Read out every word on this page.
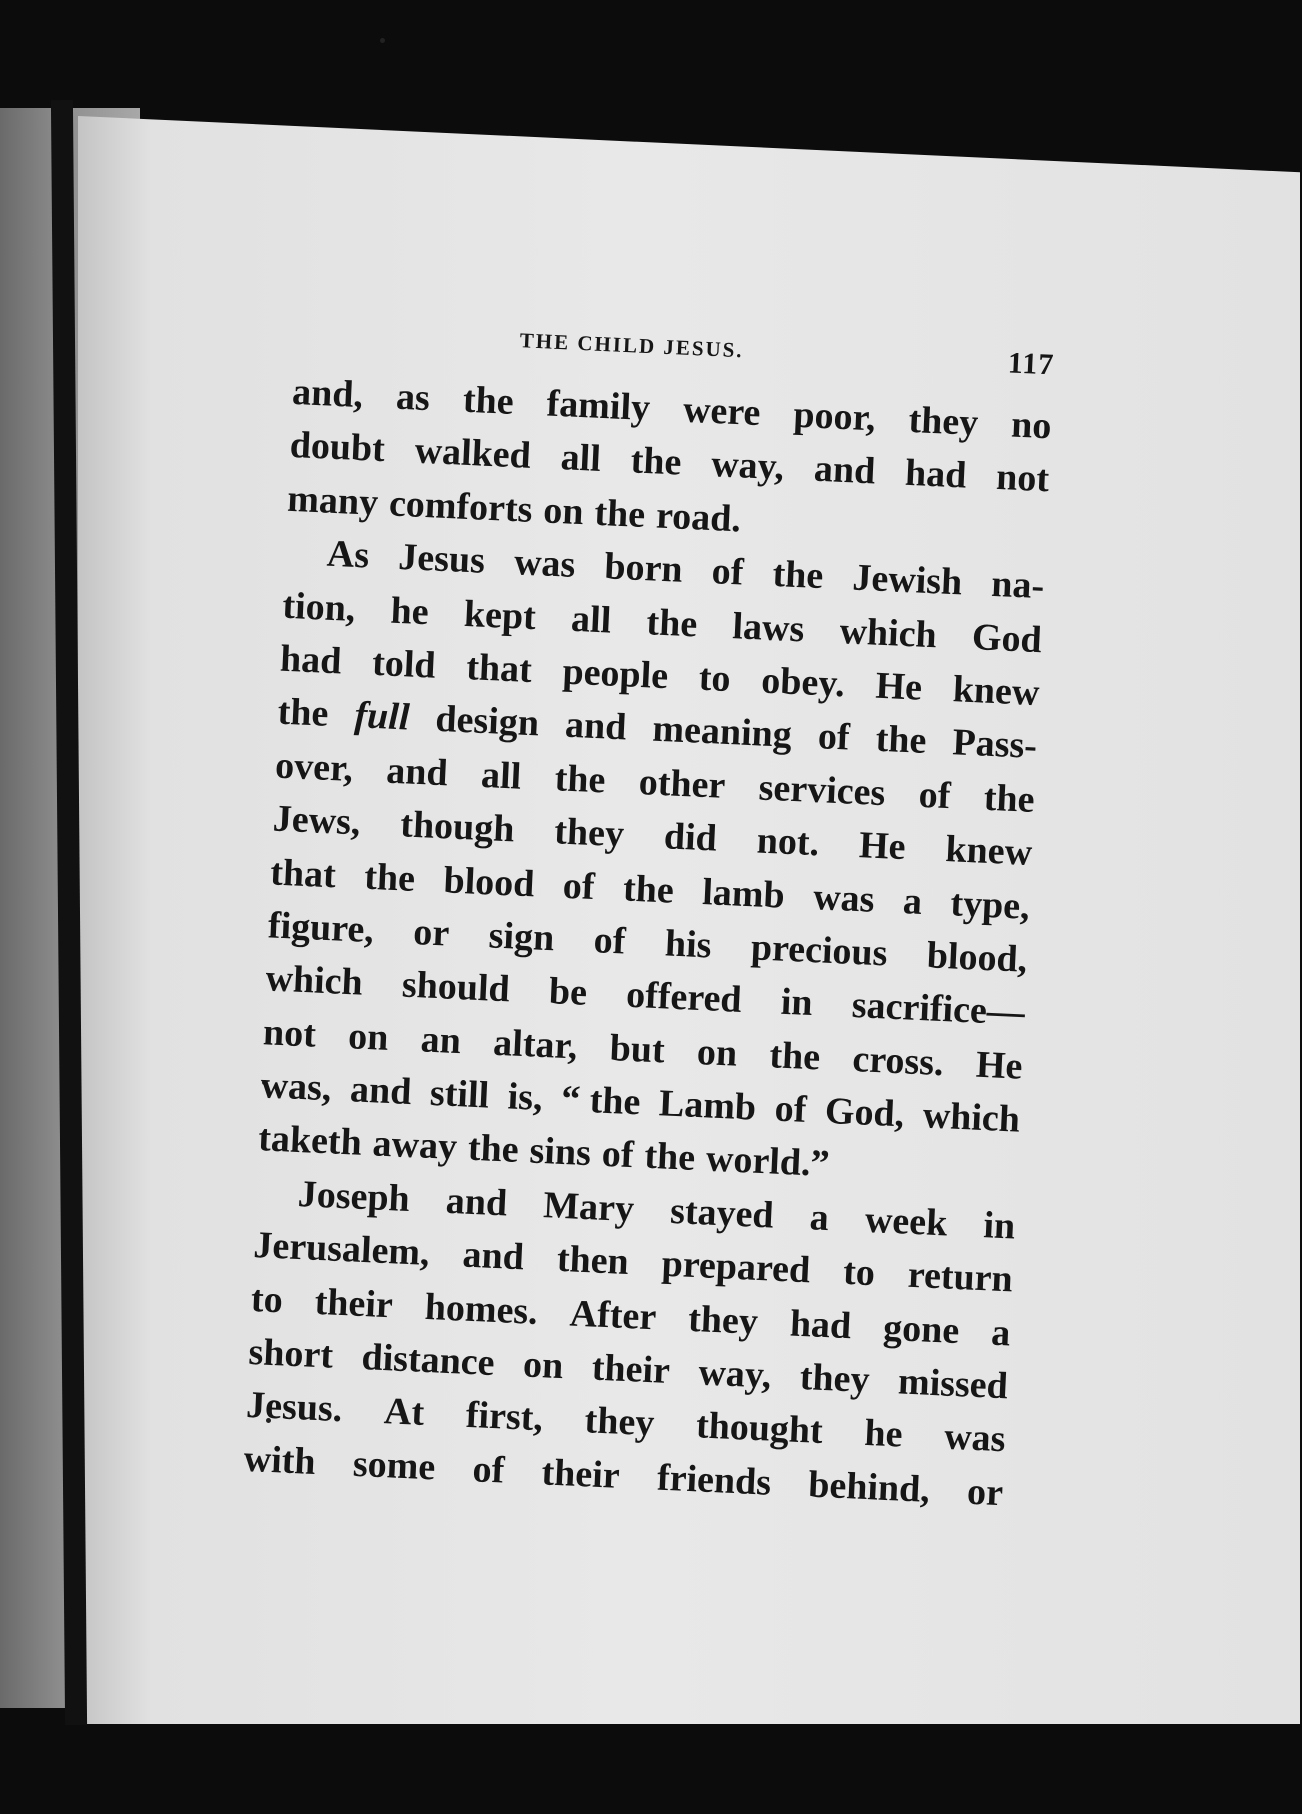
THE CHILD JESUS.
117
and, as the family were poor, they no
doubt walked all the way, and had not
many comforts on the road.
As Jesus was born of the Jewish na-
tion, he kept all the laws which God
had told that people to obey. He knew
the full design and meaning of the Pass-
over, and all the other services of the
Jews, though they did not. He knew
that the blood of the lamb was a type,
figure, or sign of his precious blood,
which should be offered in sacrifice—
not on an altar, but on the cross. He
was, and still is, “ the Lamb of God, which
taketh away the sins of the world.”
Joseph and Mary stayed a week in
Jerusalem, and then prepared to return
to their homes. After they had gone a
short distance on their way, they missed
Jesus. At first, they thought he was
with some of their friends behind, or
